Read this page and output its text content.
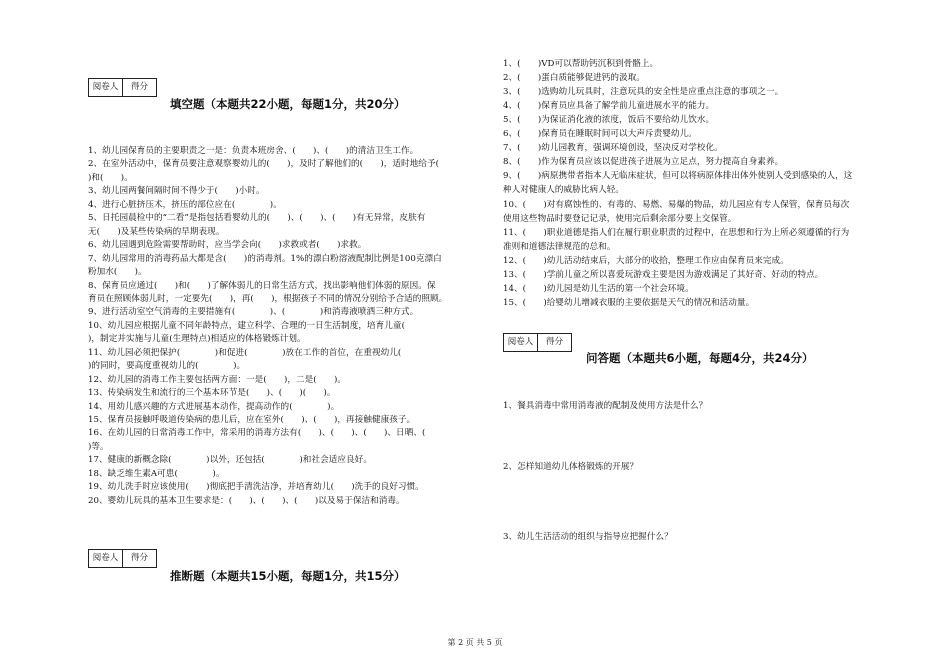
阅卷人	得分
填空题（本题共22小题，每题1分，共20分）
1、幼儿园保育员的主要职责之一是：负责本班房舍、(　　)、(　　)的清洁卫生工作。
2、在室外活动中，保育员要注意观察婴幼儿的(　　)，及时了解他们的(　　)，适时地给予(
)和(　　)。
3、幼儿园两餐间隔时间不得少于(　　)小时。
4、进行心脏挤压术，挤压的部位应在(　　　　)。
5、日托园晨检中的“二看”是指包括看婴幼儿的(　　)、(　　)、(　　)有无异常，皮肤有
无(　　)及某些传染病的早期表现。
6、幼儿园遇到危险需要帮助时，应当学会向(　　)求救或者(　　)求救。
7、幼儿园常用的消毒药品大都是含(　　)的消毒剂。1%的漂白粉溶液配制比例是100克漂白
粉加水(　　)。
8、保育员应通过(　　)和(　　)了解体弱儿的日常生活方式，找出影响他们体弱的原因。保
育员在照顾体弱儿时，一定要先(　　)，再(　　)，根据孩子不同的情况分别给予合适的照顾。
9、进行活动室空气消毒的主要措施有(　　　　)、(　　　　)和消毒液喷洒三种方式。
10、幼儿园应根据儿童不同年龄特点，建立科学、合理的一日生活制度，培育儿童(　　
)，制定并实施与儿童(生理特点)相适应的体格锻炼计划。
11、幼儿园必须把保护(　　　　)和促进(　　　　)放在工作的首位，在重视幼儿(　　
)的同时，要高度重视幼儿的(　　　　)。
12、幼儿园的消毒工作主要包括两方面：一是(　　)，二是(　　)。
13、传染病发生和流行的三个基本环节是(　　)、(　　)(　　)。
14、用幼儿感兴趣的方式进展基本动作，提高动作的(　　　　)。
15、保育员接触呼吸道传染病的患儿后，应在室外(　　)、(　　)，再接触健康孩子。
16、在幼儿园的日常消毒工作中，常采用的消毒方法有(　　)、(　　)、(　　)、日晒、(　　
)等。
17、健康的新概念除(　　　　)以外，还包括(　　　　)和社会适应良好。
18、缺乏维生素A可患(　　　　)。
19、幼儿洗手时应该使用(　　)彻底把手清洗洁净，并培育幼儿(　　)洗手的良好习惯。
20、婴幼儿玩具的基本卫生要求是：(　　)、(　　)、(　　)以及易于保洁和消毒。
阅卷人	得分
推断题（本题共15小题，每题1分，共15分）
1、(　　)VD可以帮助钙沉积到骨骼上。
2、(　　)蛋白质能够促进钙的汲取。
3、(　　)选购幼儿玩具时，注意玩具的安全性是应重点注意的事项之一。
4、(　　)保育员应具备了解学前儿童进展水平的能力。
5、(　　)为保证消化液的浓度，饭后不要给幼儿饮水。
6、(　　)保育员在睡眠时间可以大声斥责婴幼儿。
7、(　　)幼儿园教育，强调环境创设，坚决反对学校化。
8、(　　)作为保育员应该以促进孩子进展为立足点，努力提高自身素养。
9、(　　)病原携带者指本人无临床症状，但可以将病原体排出体外使别人受到感染的人，这
种人对健康人的威胁比病人轻。
10、(　　)对有腐蚀性的、有毒的、易燃、易爆的物品，幼儿园应有专人保管，保育员每次
使用这些物品时要登记记录，使用完后剩余部分要上交保管。
11、(　　)职业道德是指人们在履行职业职责的过程中，在思想和行为上所必须遵循的行为
准则和道德法律规范的总和。
12、(　　)幼儿活动结束后，大部分的收拾，整理工作应由保育员来完成。
13、(　　)学前儿童之所以喜爱玩游戏主要是因为游戏满足了其好奇、好动的特点。
14、(　　)幼儿园是幼儿生活的第一个社会环境。
15、(　　)给婴幼儿增减衣服的主要依据是天气的情况和活动量。
阅卷人	得分
问答题（本题共6小题，每题4分，共24分）
1、餐具消毒中常用消毒液的配制及使用方法是什么？
2、怎样知道幼儿体格锻炼的开展？
3、幼儿生活活动的组织与指导应把握什么？
第 2 页 共 5 页
